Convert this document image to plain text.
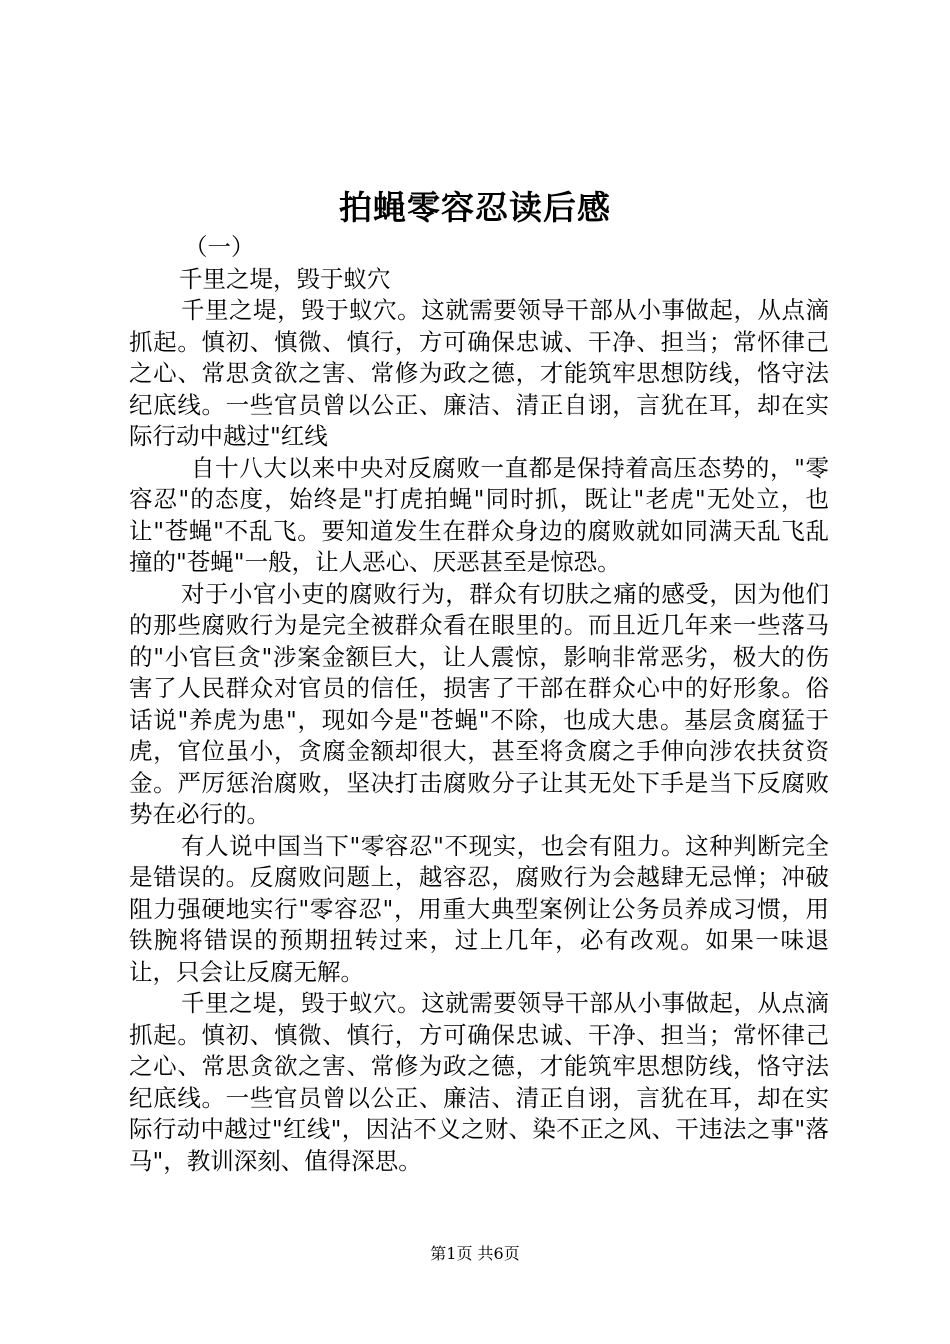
拍蝇零容忍读后感

（一）

千里之堤，毁于蚁穴

千里之堤，毁于蚁穴。这就需要领导干部从小事做起，从点滴抓起。慎初、慎微、慎行，方可确保忠诚、干净、担当；常怀律己之心、常思贪欲之害、常修为政之德，才能筑牢思想防线，恪守法纪底线。一些官员曾以公正、廉洁、清正自诩，言犹在耳，却在实际行动中越过"红线

自十八大以来中央对反腐败一直都是保持着高压态势的，"零容忍"的态度，始终是"打虎拍蝇"同时抓，既让"老虎"无处立，也让"苍蝇"不乱飞。要知道发生在群众身边的腐败就如同满天乱飞乱撞的"苍蝇"一般，让人恶心、厌恶甚至是惊恐。

对于小官小吏的腐败行为，群众有切肤之痛的感受，因为他们的那些腐败行为是完全被群众看在眼里的。而且近几年来一些落马的"小官巨贪"涉案金额巨大，让人震惊，影响非常恶劣，极大的伤害了人民群众对官员的信任，损害了干部在群众心中的好形象。俗话说"养虎为患"，现如今是"苍蝇"不除，也成大患。基层贪腐猛于虎，官位虽小，贪腐金额却很大，甚至将贪腐之手伸向涉农扶贫资金。严厉惩治腐败，坚决打击腐败分子让其无处下手是当下反腐败势在必行的。

有人说中国当下"零容忍"不现实，也会有阻力。这种判断完全是错误的。反腐败问题上，越容忍，腐败行为会越肆无忌惮；冲破阻力强硬地实行"零容忍"，用重大典型案例让公务员养成习惯，用铁腕将错误的预期扭转过来，过上几年，必有改观。如果一味退让，只会让反腐无解。

千里之堤，毁于蚁穴。这就需要领导干部从小事做起，从点滴抓起。慎初、慎微、慎行，方可确保忠诚、干净、担当；常怀律己之心、常思贪欲之害、常修为政之德，才能筑牢思想防线，恪守法纪底线。一些官员曾以公正、廉洁、清正自诩，言犹在耳，却在实际行动中越过"红线"，因沾不义之财、染不正之风、干违法之事"落马"，教训深刻、值得深思。

第1页 共6页
